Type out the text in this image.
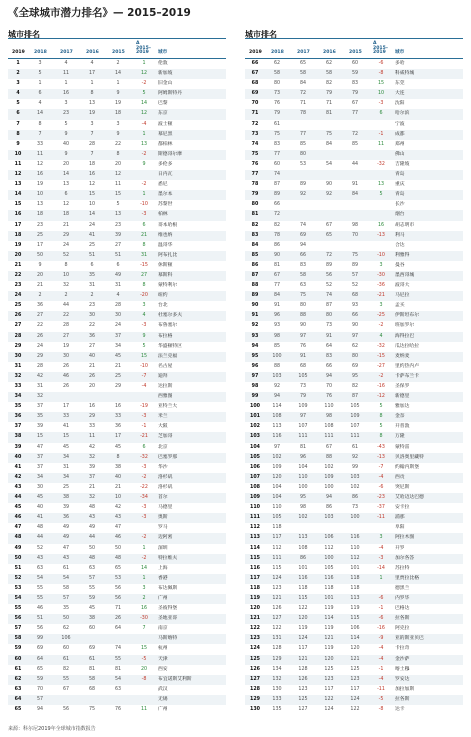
《全球城市潜力排名》— 2015–2019
城市排名	城市排名
2019 2018	2017	2016	2015
Δ 2015–2019	城市
1	3	4	4	2	1	伦敦
2	5	11	17	14	12	新加坡
3	1	1	1	1	-2	旧金山
4	6	16	8	9	5	阿姆斯特丹
5	4	3	13	19	14	巴黎
6	14	23	19	18	12	东京
7	8	5	3	3	-4	波士顿
8	7	9	7	9	1	慕尼黑
9	33	40	28	22	13	都柏林
10	11	9	7	8	-2	斯德哥尔摩
11	12	20	18	20	9	多伦多
12	16	14	16	12	日内瓦
13	19	13	12	11	-2	悉尼
14	10	6	15	15	1	墨尔本
15	13	12	10	5	-10	苏黎世
16	18	18	14	13	-3	柏林
17	23	21	24	23	6	哥本哈根
18	25	29	41	39	21	维也纳
19	17	24	25	27	8	温哥华
20	50	52	51	51	31	阿布扎比
21	9	8	6	6	-15	休斯顿
22	20	10	35	49	27	慕斯科
23	21	32	31	31	8	蒙特利尔
24	2	2	2	4	-20	纽约
25	36	44	23	28	3	台北
26	27	22	30	30	4	杜塞尔多夫
27	22	28	22	24	-3	布鲁塞尔
28	26	27	36	37	9	布拉格
29	24	19	27	34	5	华盛顿特区
30	29	30	40	45	15	法兰克福
31	28	26	21	21	-10	名古屋
32	42	46	26	25	-7	迪拜
33	31	26	20	29	-4	达拉斯
34	32	西雅图
35	37	17	16	16	-19	亚特兰大
36	35	33	29	33	-3	米兰
37	39	41	33	36	-1	大阪
38	15	15	11	17	-21	芝加哥
39	47	45	42	45	6	北京
40	37	34	32	8	-32	巴塞罗那
41	37	31	39	38	-3	华沙
42	34	34	37	40	-2	洛杉矶
43	30	25	21	21	-22	洛杉矶
44	45	38	32	10	-34	首尔
45	40	39	48	42	-3	马德里
46	41	36	43	43	-3	奥斯
47	48	49	49	47	罗马
48	44	49	44	46	-2	迈阿密
49	52	47	50	50	1	深圳
50	43	43	48	48	-2	特拉维夫
51	63	61	63	65	14	上海
52	54	54	57	53	1	香港
53	55	58	55	56	3	布达佩斯
54	55	57	59	56	2	广州
55	46	35	45	71	16	圣彼得堡
56	51	50	38	26	-30	圣地亚哥
57	56	62	60	64	7	南京
58	99	106	马斯喀特
59	69	60	69	74	15	杭州
60	64	61	61	55	-5	天津
61	65	82	81	81	20	西安
62	59	55	58	54	-8	布宜诺斯艾利斯
63	70	67	68	63	武汉
64	57	无锡
65	94	56	75	76	11	广州
2019 2018	2017	2016	2015
Δ 2015–2019	城市
66	62	65	62	60	-6	多哈
67	58	58	58	59	-8	科威特城
68	80	84	82	83	15	东莞
69	73	72	79	79	10	大连
70	76	71	71	67	-3	沈阳
71	79	78	81	77	6	哈尔滨
72	61	宁波
73	75	77	75	72	-1	成都
74	83	85	84	85	11	郑州
75	77	80	佛山
76	60	53	54	44	-32	吉隆坡
77	74	青岛
78	87	89	90	91	13	重庆
79	89	92	92	84	5	青岛
80	66	长沙
81	72	烟台
82	82	74	67	98	16	胡志明市
83	78	69	65	70	-13	利马
84	86	94	合达
85	90	66	72	75	-10	利雅得
86	81	83	89	89	3	曼谷
87	67	58	56	57	-30	墨西哥城
88	77	63	52	52	-36	波哥大
89	84	75	74	68	-21	马尼拉
90	91	80	87	93	3	孟买
91	96	88	80	66	-25	伊斯坦布尔
92	93	90	73	90	-2	班加罗尔
93	98	97	91	97	4	海得拉巴
94	85	76	64	62	-32	瓜达拉哈拉
95	100	91	83	80	-15	麦纳麦
96	88	68	66	69	-27	里约热内卢
97	103	105	94	95	-2	卡萨布兰卡
98	92	73	70	82	-16	圣保罗
99	94	79	76	87	-12	新德里
100	114	109	110	105	5	雅加达
101	108	97	98	109	8	金奈
102	113	107	108	107	5	开普敦
103	116	111	111	111	8	万隆
104	97	81	67	61	-43	蒙特雷
105	102	96	88	92	-13	贝洛奥里藏特
106	109	104	102	99	-7	约翰内斯堡
107	120	110	109	103	-4	西贡
108	104	100	100	102	-6	突尼斯
109	104	95	94	86	-23	艾哈迈达巴德
110	110	98	86	73	-37	安卡拉
111	105	102	103	100	-11	浦那
112	118	阜阳
113	117	113	106	116	3	阿拉木图
114	112	108	112	110	-4	开罗
115	111	86	100	112	-3	加尔各答
116	115	101	105	101	-14	苏拉特
117	124	116	116	118	1	里贾拉比格
118	123	118	118	118	德黑兰
119	121	115	101	113	-6	内罗毕
120	126	122	119	119	-1	巴格达
121	127	120	114	115	-6	拉各斯
122	122	119	119	106	-16	阿克拉
123	131	124	121	114	-9	亚的斯亚贝巴
124	128	117	119	120	-4	卡拉奇
125	129	121	120	121	-4	金沙萨
126	134	128	125	125	-1	喀土穆
127	132	126	123	123	-4	罗安达
128	130	123	117	117	-11	加拉加斯
129	133	125	122	124	-5	拉各斯
130	135	127	124	122	-8	达卡
来源：科尔尼2019年全球城市指数报告
